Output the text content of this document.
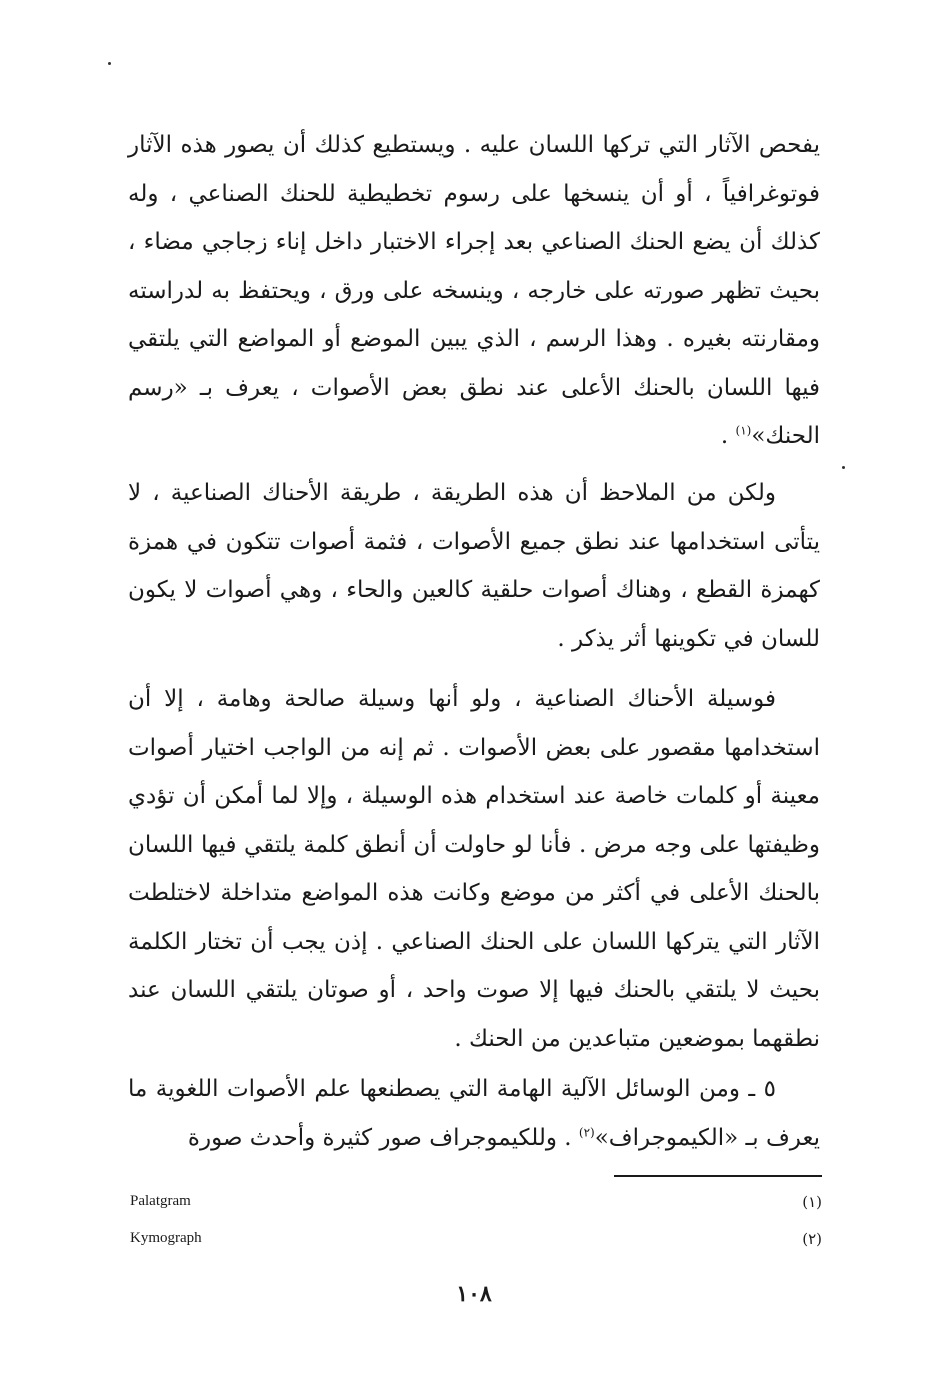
يفحص الآثار التي تركها اللسان عليه . ويستطيع كذلك أن يصور هذه الآثار فوتوغرافياً ، أو أن ينسخها على رسوم تخطيطية للحنك الصناعي ، وله كذلك أن يضع الحنك الصناعي بعد إجراء الاختبار داخل إناء زجاجي مضاء ، بحيث تظهر صورته على خارجه ، وينسخه على ورق ، ويحتفظ به لدراسته ومقارنته بغيره . وهذا الرسم ، الذي يبين الموضع أو المواضع التي يلتقي فيها اللسان بالحنك الأعلى عند نطق بعض الأصوات ، يعرف بـ «رسم الحنك»$^{(١)}$ .

ولكن من الملاحظ أن هذه الطريقة ، طريقة الأحناك الصناعية ، لا يتأتى استخدامها عند نطق جميع الأصوات ، فثمة أصوات تتكون في همزة كهمزة القطع ، وهناك أصوات حلقية كالعين والحاء ، وهي أصوات لا يكون للسان في تكوينها أثر يذكر .

فوسيلة الأحناك الصناعية ، ولو أنها وسيلة صالحة وهامة ، إلا أن استخدامها مقصور على بعض الأصوات . ثم إنه من الواجب اختيار أصوات معينة أو كلمات خاصة عند استخدام هذه الوسيلة ، وإلا لما أمكن أن تؤدي وظيفتها على وجه مرض . فأنا لو حاولت أن أنطق كلمة يلتقي فيها اللسان بالحنك الأعلى في أكثر من موضع وكانت هذه المواضع متداخلة لاختلطت الآثار التي يتركها اللسان على الحنك الصناعي . إذن يجب أن تختار الكلمة بحيث لا يلتقي بالحنك فيها إلا صوت واحد ، أو صوتان يلتقي اللسان عند نطقهما بموضعين متباعدين من الحنك .

٥ ـ ومن الوسائل الآلية الهامة التي يصطنعها علم الأصوات اللغوية ما يعرف بـ «الكيموجراف»$^{(٢)}$ . وللكيموجراف صور كثيرة وأحدث صورة

(١)
Palatgram
(٢)
Kymograph
١٠٨
